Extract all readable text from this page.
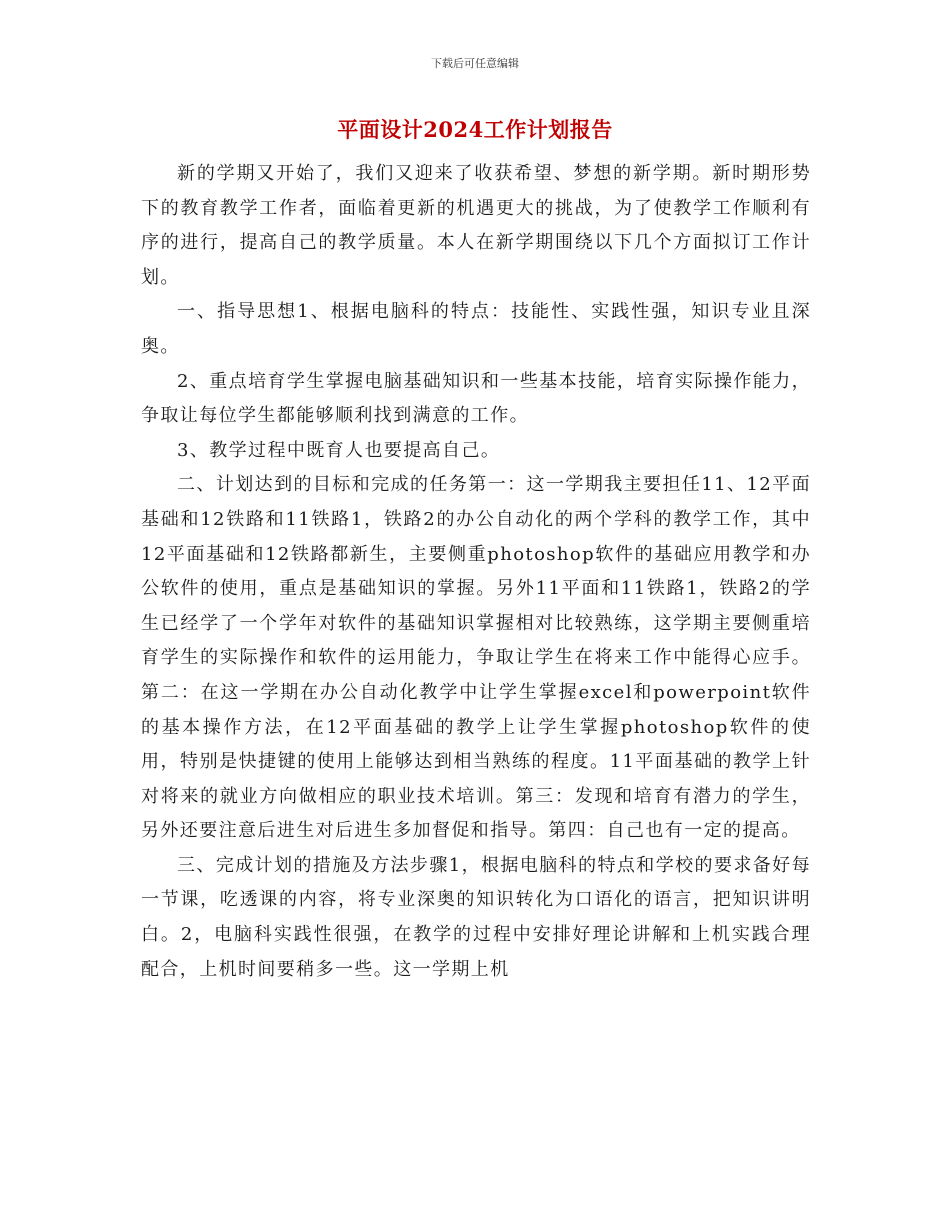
下载后可任意编辑
平面设计2024工作计划报告

新的学期又开始了，我们又迎来了收获希望、梦想的新学期。新时期形势下的教育教学工作者，面临着更新的机遇更大的挑战，为了使教学工作顺利有序的进行，提高自己的教学质量。本人在新学期围绕以下几个方面拟订工作计划。

一、指导思想1、根据电脑科的特点：技能性、实践性强，知识专业且深奥。

2、重点培育学生掌握电脑基础知识和一些基本技能，培育实际操作能力，争取让每位学生都能够顺利找到满意的工作。

3、教学过程中既育人也要提高自己。

二、计划达到的目标和完成的任务第一：这一学期我主要担任11、12平面基础和12铁路和11铁路1，铁路2的办公自动化的两个学科的教学工作，其中12平面基础和12铁路都新生，主要侧重photoshop软件的基础应用教学和办公软件的使用，重点是基础知识的掌握。另外11平面和11铁路1，铁路2的学生已经学了一个学年对软件的基础知识掌握相对比较熟练，这学期主要侧重培育学生的实际操作和软件的运用能力，争取让学生在将来工作中能得心应手。第二：在这一学期在办公自动化教学中让学生掌握excel和powerpoint软件的基本操作方法，在12平面基础的教学上让学生掌握photoshop软件的使用，特别是快捷键的使用上能够达到相当熟练的程度。11平面基础的教学上针对将来的就业方向做相应的职业技术培训。第三：发现和培育有潜力的学生，另外还要注意后进生对后进生多加督促和指导。第四：自己也有一定的提高。

三、完成计划的措施及方法步骤1，根据电脑科的特点和学校的要求备好每一节课，吃透课的内容，将专业深奥的知识转化为口语化的语言，把知识讲明白。2，电脑科实践性很强，在教学的过程中安排好理论讲解和上机实践合理配合，上机时间要稍多一些。这一学期上机
